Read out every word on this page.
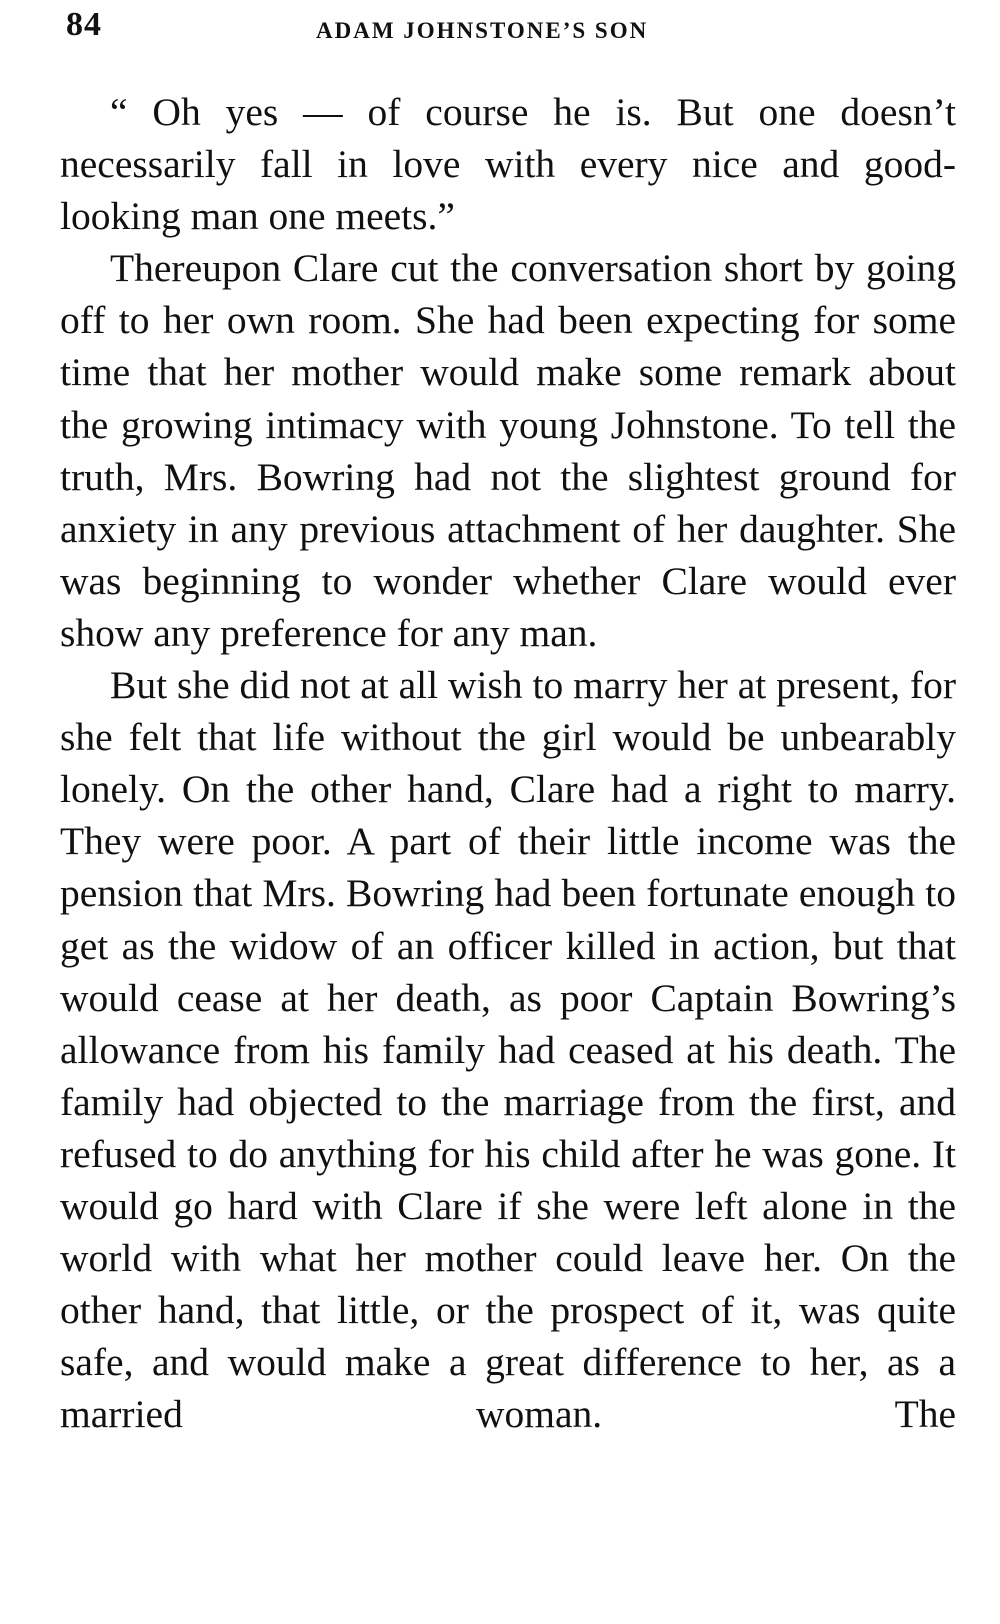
84	ADAM JOHNSTONE’S SON

“ Oh yes — of course he is. But one doesn’t necessarily fall in love with every nice and good-looking man one meets.”

Thereupon Clare cut the conversation short by going off to her own room. She had been expecting for some time that her mother would make some remark about the growing intimacy with young Johnstone. To tell the truth, Mrs. Bowring had not the slightest ground for anxiety in any previous attachment of her daughter. She was beginning to wonder whether Clare would ever show any preference for any man.

But she did not at all wish to marry her at present, for she felt that life without the girl would be unbearably lonely. On the other hand, Clare had a right to marry. They were poor. A part of their little income was the pension that Mrs. Bowring had been fortunate enough to get as the widow of an officer killed in action, but that would cease at her death, as poor Captain Bowring’s allowance from his family had ceased at his death. The family had objected to the marriage from the first, and refused to do anything for his child after he was gone. It would go hard with Clare if she were left alone in the world with what her mother could leave her. On the other hand, that little, or the prospect of it, was quite safe, and would make a great difference to her, as a married woman. The
